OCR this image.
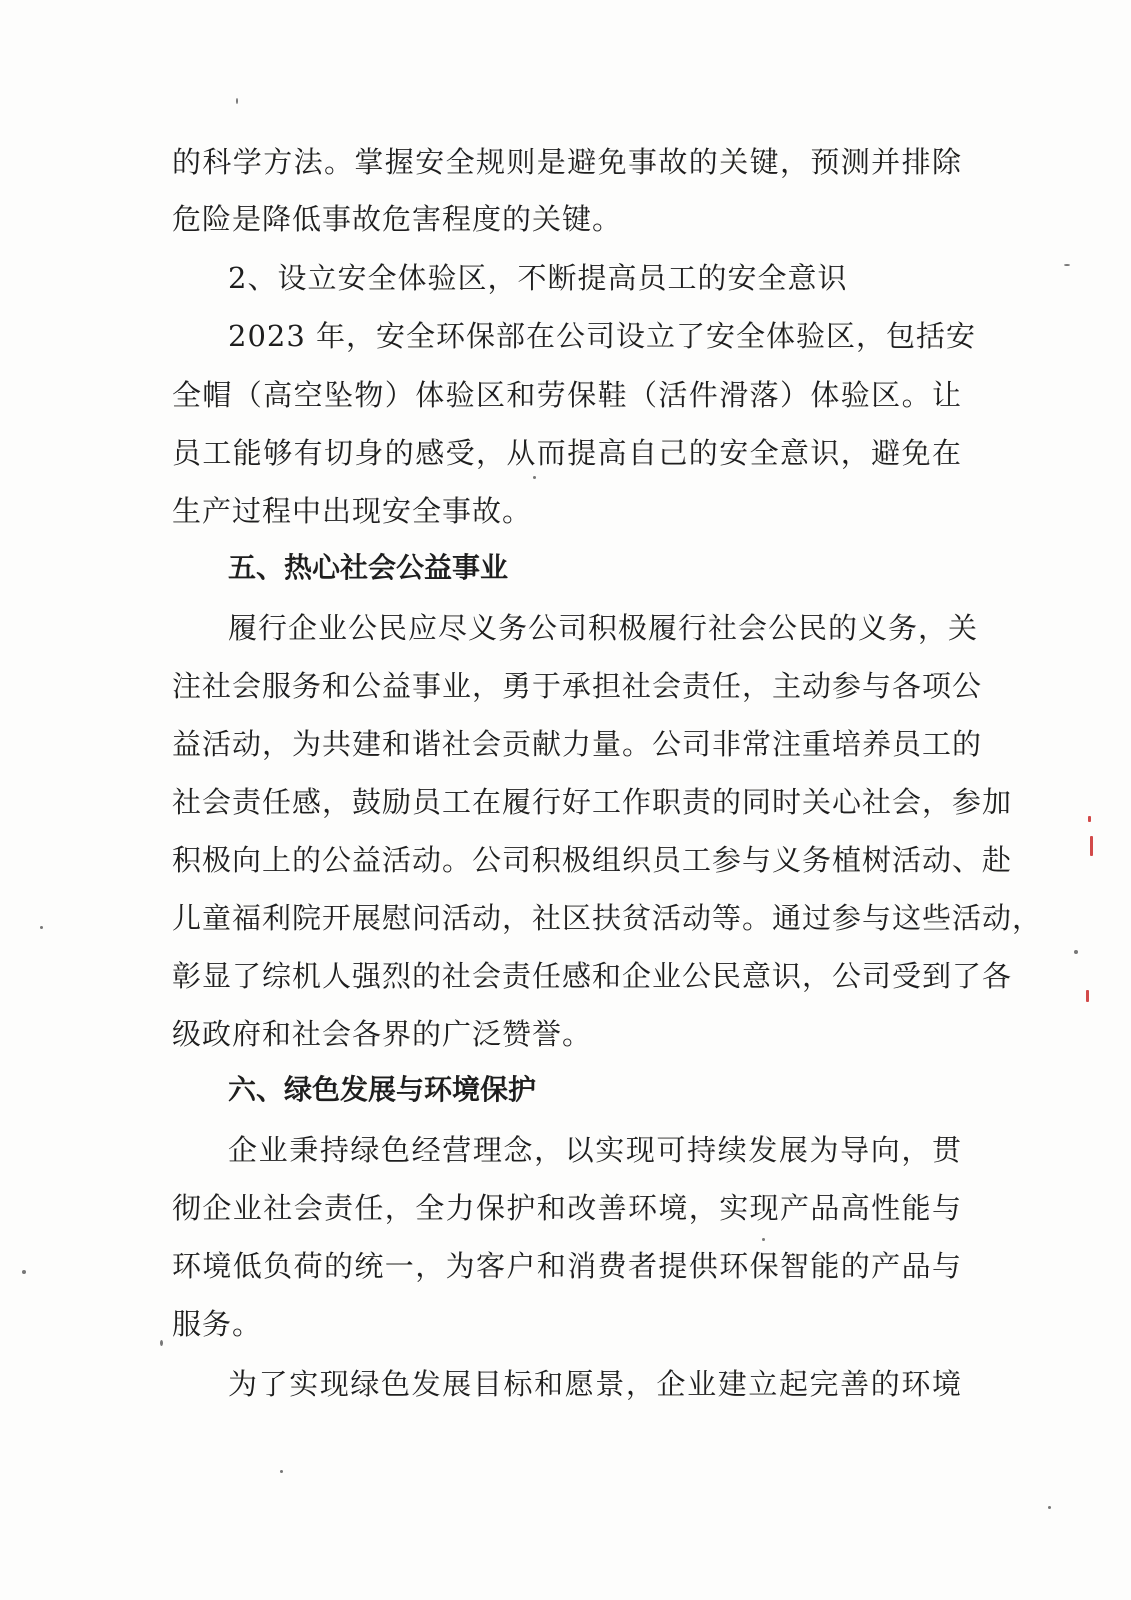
的科学方法。掌握安全规则是避免事故的关键，预测并排除
危险是降低事故危害程度的关键。
2、设立安全体验区，不断提高员工的安全意识
2023 年，安全环保部在公司设立了安全体验区，包括安
全帽（高空坠物）体验区和劳保鞋（活件滑落）体验区。让
员工能够有切身的感受，从而提高自己的安全意识，避免在
生产过程中出现安全事故。
五、热心社会公益事业
履行企业公民应尽义务公司积极履行社会公民的义务，关
注社会服务和公益事业，勇于承担社会责任，主动参与各项公
益活动，为共建和谐社会贡献力量。公司非常注重培养员工的
社会责任感，鼓励员工在履行好工作职责的同时关心社会，参加
积极向上的公益活动。公司积极组织员工参与义务植树活动、赴
儿童福利院开展慰问活动，社区扶贫活动等。通过参与这些活动，
彰显了综机人强烈的社会责任感和企业公民意识，公司受到了各
级政府和社会各界的广泛赞誉。
六、绿色发展与环境保护
企业秉持绿色经营理念，以实现可持续发展为导向，贯
彻企业社会责任，全力保护和改善环境，实现产品高性能与
环境低负荷的统一，为客户和消费者提供环保智能的产品与
服务。
为了实现绿色发展目标和愿景，企业建立起完善的环境
